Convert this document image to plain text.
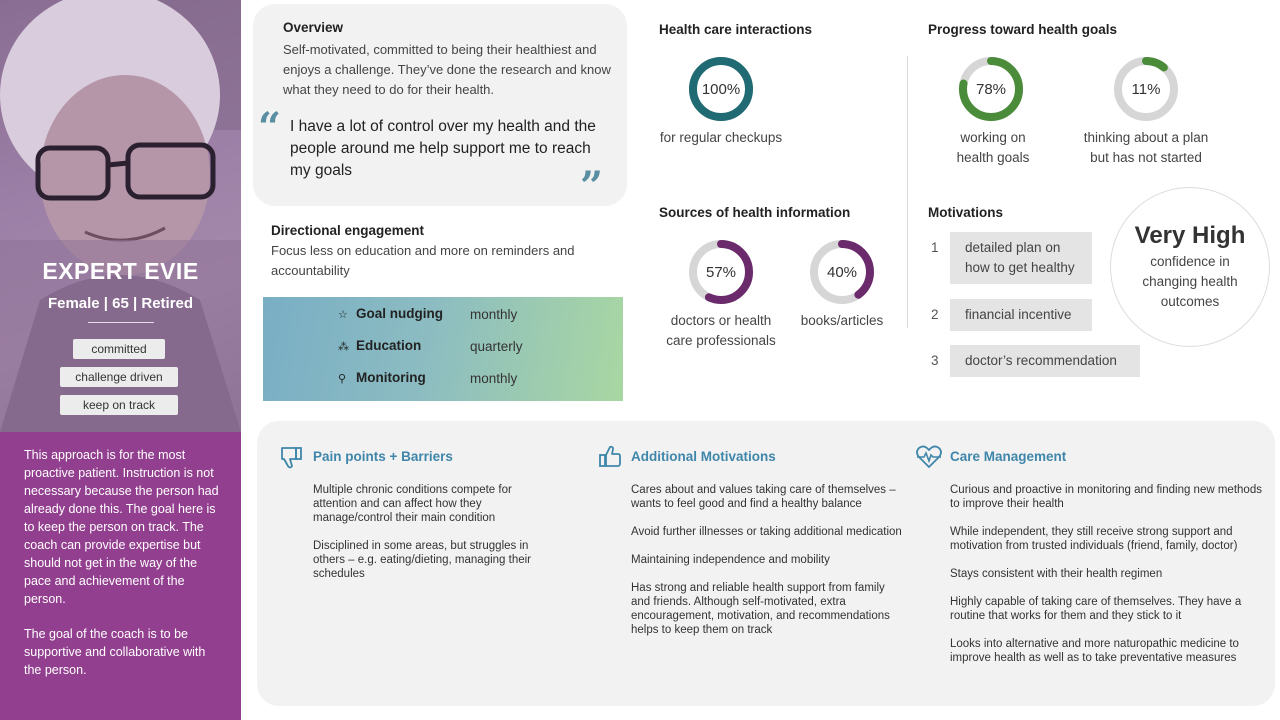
EXPERT EVIE
Female | 65 | Retired
committed
challenge driven
keep on track

This approach is for the most proactive patient. Instruction is not necessary because the person had already done this. The goal here is to keep the person on track. The coach can provide expertise but should not get in the way of the pace and achievement of the person.

The goal of the coach is to be supportive and collaborative with the person.

Overview
Self-motivated, committed to being their healthiest and enjoys a challenge. They’ve done the research and know what they need to do for their health.
“ I have a lot of control over my health and the people around me help support me to reach my goals	”
Directional engagement
Focus less on education and more on reminders and accountability
☆ Goal nudging monthly
⁂ Education	quarterly
⚲ Monitoring	monthly
Health care interactions
100%
for regular checkups
Progress toward health goals
78%
working on
health goals
11%
thinking about a plan
but has not started
Sources of health information
57%
doctors or health
care professionals
40%
books/articles
Motivations
1 detailed plan on
how to get healthy
2	financial incentive
3	doctor’s recommendation
Very High
confidence in changing health outcomes
Pain points + Barriers

Multiple chronic conditions compete for attention and can affect how they manage/control their main condition

Disciplined in some areas, but struggles in others – e.g. eating/dieting, managing their schedules

Additional Motivations

Cares about and values taking care of themselves – wants to feel good and find a healthy balance

Avoid further illnesses or taking additional medication

Maintaining independence and mobility

Has strong and reliable health support from family and friends. Although self-motivated, extra encouragement, motivation, and recommendations helps to keep them on track

Care Management

Curious and proactive in monitoring and finding new methods to improve their health

While independent, they still receive strong support and motivation from trusted individuals (friend, family, doctor)

Stays consistent with their health regimen

Highly capable of taking care of themselves. They have a routine that works for them and they stick to it

Looks into alternative and more naturopathic medicine to improve health as well as to take preventative measures
